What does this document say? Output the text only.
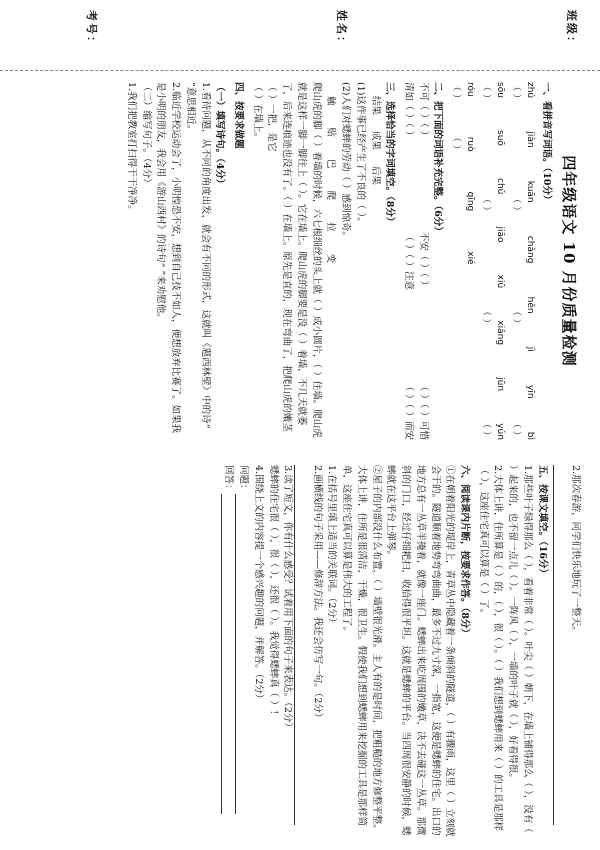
班级：
姓名：
考号：
四年级语文 10 月份质量检测
一、看拼音写词语。（10分）
zhú
jiàn
kuān
chǎng
hěn
jì
yīn
bì
（ ）
（ ）
（ ）
（ ）
sōu
suō
chǔ
jiāo
xiū
xiǎng
jūn
yún
（ ）
（ ）
（ ）
（ ）
róu
ruò
qīng
xié
（ ）
（ ）
二、把下面的词语补充完整。（6分）
不可（ ）（ ）
不安（ ）（ ）
（ ）（ ）可惜
清如（ ）（ ）
（ ）（ ）注意
（ ）（ ）而安
三、选择恰当的字词填空。（8分）
结果
成果
后果
(1)这件事已经产生了不良的（ ）。
(2)人们对蟋蟀的劳动（ ）感到惊奇。
触
贴
巴
爬
拉
变
爬山虎的脚（ ）着墙的时候，六七根细丝的头上就（ ）成小圆片，（ ）住墙。爬山虎就是这样一脚一脚往上（ ）。它在墙上。爬山虎的脚要是没（ ）着墙，不几天就萎了，后来连痕迹也没有了。（ ）在墙上。原先是直的，现在弯曲了，把爬山虎的嫩茎（ ）一把，是它
（ ）在墙上。
四、按要求做题
（一）填写诗句。（4分）
1.看待问题，从不同的角度出发，就会有不同的形式，这就叫《题西林壁》中的诗“ ”意思相近。
2.临近学校运动会了，小明惶恐不安，想到自己技不如人，便想放弃比赛了。如果我是小明的朋友，我会用《游山西村》的诗句“ ”来劝慰他。
（二）缩写句子。（4分）
1.我们把教室打扫得干干净净。
2.那次春游，同学们快乐地玩了一整天。
五、按课文填空。（16分）
1.那些叶子绿得那么（ ），看着非常（ ）。叶尖（ ）朝下，在墙上铺得那么（ ），没有（ ）起来的，也不留一点儿（ ）。一阵风（ ），一墙的叶子就（ ），好看得很。
2.大体上讲，住所算是（ ）的，（ ），很（ ）。（ ）我们想到蟋蟀用来（ ）的工具是那样（ ），这座住宅真可以算是（ ）了。
六、阅读课内片断，按要求作答。（8分）
①在朝着阳光的堤岸上，青草丛中隐藏着一条倾斜的隧道，（ ）有骤雨，这里（ ）立刻就会干的。隧道顺着地势弯弯曲曲，最多不过九寸深，一指宽，这便是蟋蟀的住宅。出口的地方总有一丛草半掩着，就像一座门。蟋蟀出来吃周围的嫩草，决不去碰这一丛草。那微斜的门口，经过仔细耙扫，收拾得很平坦。这就是蟋蟀的平台。当四周很安静的时候，蟋蟀就在这平台上弹琴。
②屋子的内部没什么布置，（ ）墙壁很光滑。主人有的是时间，把粗糙的地方修整平整。大体上讲，住所是很清洁，干燥，很卫生。假使我们想到蟋蟀用来挖掘的工具是那样简单，这座住宅真可以算是伟大的工程了。
1.在括号里填上适当的关联词。（2分）
2.画横线的句子采用——修辞方法。我还会仿写一句。（2分）
3.读了短文，你有什么感受？试着用下面的句子来表达。（2分）
蟋蟀的住宅很（ ），很（ ），还很（ ）。我觉得蟋蟀真（ ）！
4.围绕上文的内容提一个感兴趣的问题，并解答。（2分）
问题：
回答：
